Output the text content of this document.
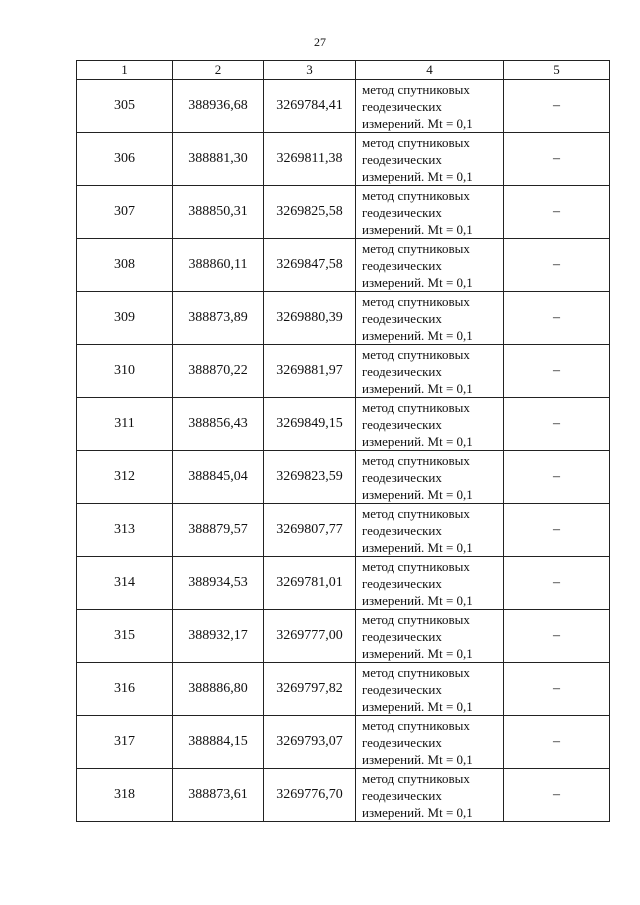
27
1	2	3	4	5
305	388936,68	3269784,41	метод спутниковых
геодезических
измерений. Mt = 0,1	–
306	388881,30	3269811,38	метод спутниковых
геодезических
измерений. Mt = 0,1	–
307	388850,31	3269825,58	метод спутниковых
геодезических
измерений. Mt = 0,1	–
308	388860,11	3269847,58	метод спутниковых
геодезических
измерений. Mt = 0,1	–
309	388873,89	3269880,39	метод спутниковых
геодезических
измерений. Mt = 0,1	–
310	388870,22	3269881,97	метод спутниковых
геодезических
измерений. Mt = 0,1	–
311	388856,43	3269849,15	метод спутниковых
геодезических
измерений. Mt = 0,1	–
312	388845,04	3269823,59	метод спутниковых
геодезических
измерений. Mt = 0,1	–
313	388879,57	3269807,77	метод спутниковых
геодезических
измерений. Mt = 0,1	–
314	388934,53	3269781,01	метод спутниковых
геодезических
измерений. Mt = 0,1	–
315	388932,17	3269777,00	метод спутниковых
геодезических
измерений. Mt = 0,1	–
316	388886,80	3269797,82	метод спутниковых
геодезических
измерений. Mt = 0,1	–
317	388884,15	3269793,07	метод спутниковых
геодезических
измерений. Mt = 0,1	–
318	388873,61	3269776,70	метод спутниковых
геодезических
измерений. Mt = 0,1	–
